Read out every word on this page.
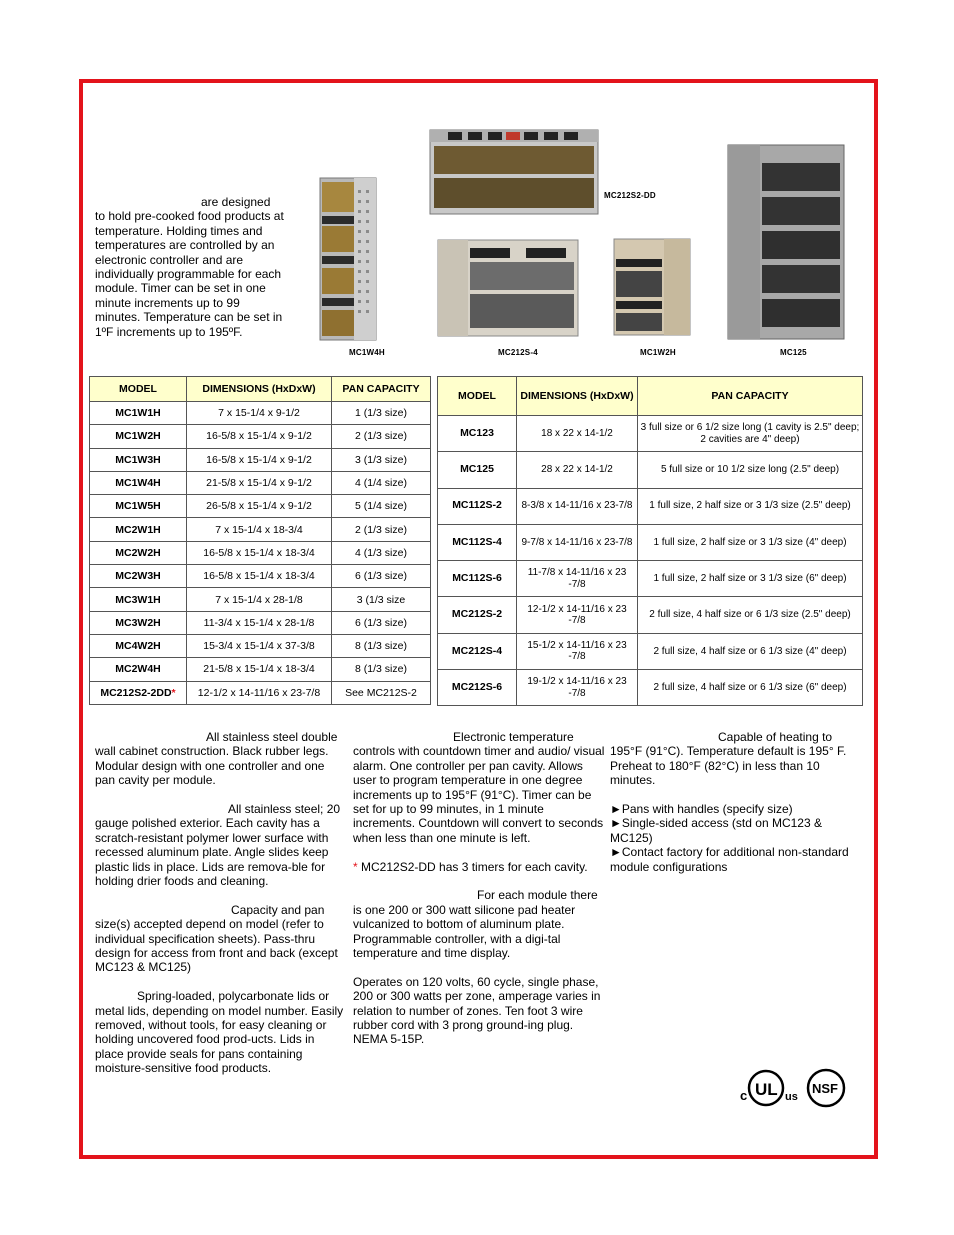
are designed
to hold pre-cooked food products at temperature. Holding times and temperatures are controlled by an electronic controller and are individually programmable for each module. Timer can be set in one minute increments up to 99 minutes. Temperature can be set in 1ºF increments up to 195ºF.
MC1W4H
MC212S2-DD
MC212S-4	MC1W2H	MC125
MODEL	DIMENSIONS (HxDxW)	PAN CAPACITY
MC1W1H	7 x 15-1/4 x 9-1/2	1 (1/3 size)
MC1W2H	16-5/8 x 15-1/4 x 9-1/2	2 (1/3 size)
MC1W3H	16-5/8 x 15-1/4 x 9-1/2	3 (1/3 size)
MC1W4H	21-5/8 x 15-1/4 x 9-1/2	4 (1/4 size)
MC1W5H	26-5/8 x 15-1/4 x 9-1/2	5 (1/4 size)
MC2W1H	7 x 15-1/4 x 18-3/4	2 (1/3 size)
MC2W2H	16-5/8 x 15-1/4 x 18-3/4	4 (1/3 size)
MC2W3H	16-5/8 x 15-1/4 x 18-3/4	6 (1/3 size)
MC3W1H	7 x 15-1/4 x 28-1/8	3 (1/3 size
MC3W2H	11-3/4 x 15-1/4 x 28-1/8	6 (1/3 size)
MC4W2H	15-3/4 x 15-1/4 x 37-3/8	8 (1/3 size)
MC2W4H	21-5/8 x 15-1/4 x 18-3/4	8 (1/3 size)
MC212S2-2DD*	12-1/2 x 14-11/16 x 23-7/8	See MC212S-2
MODEL	DIMENSIONS (HxDxW)	PAN CAPACITY
MC123	18 x 22 x 14-1/2	3 full size or 6 1/2 size long (1 cavity is 2.5" deep; 2 cavities are 4" deep)
MC125	28 x 22 x 14-1/2	5 full size or 10 1/2 size long (2.5" deep)
MC112S-2	8-3/8 x 14-11/16 x 23-7/8	1 full size, 2 half size or 3 1/3 size (2.5" deep)
MC112S-4	9-7/8 x 14-11/16 x 23-7/8	1 full size, 2 half size or 3 1/3 size (4" deep)
MC112S-6	11-7/8 x 14-11/16 x 23 -7/8	1 full size, 2 half size or 3 1/3 size (6" deep)
MC212S-2	12-1/2 x 14-11/16 x 23 -7/8	2 full size, 4 half size or 6 1/3 size (2.5" deep)
MC212S-4	15-1/2 x 14-11/16 x 23 -7/8	2 full size, 4 half size or 6 1/3 size (4" deep)
MC212S-6	19-1/2 x 14-11/16 x 23 -7/8	2 full size, 4 half size or 6 1/3 size (6" deep)

All stainless steel double wall cabinet construction. Black rubber legs. Modular design with one controller and one pan cavity per module.

All stainless steel; 20 gauge polished exterior. Each cavity has a scratch-resistant polymer lower surface with recessed aluminum plate. Angle slides keep plastic lids in place. Lids are remova-ble for holding drier foods and cleaning.

Capacity and pan size(s) accepted depend on model (refer to individual specification sheets). Pass-thru design for access from front and back (except MC123 & MC125)

Spring-loaded, polycarbonate lids or metal lids, depending on model number. Easily removed, without tools, for easy cleaning or holding uncovered food prod-ucts. Lids in place provide seals for pans containing moisture-sensitive food products.

Electronic temperature controls with countdown timer and audio/ visual alarm. One controller per pan cavity. Allows user to program temperature in one degree increments up to 195°F (91°C). Timer can be set for up to 99 minutes, in 1 minute increments. Countdown will convert to seconds when less than one minute is left.

* MC212S2-DD has 3 timers for each cavity.

For each module there is one 200 or 300 watt silicone pad heater vulcanized to bottom of aluminum plate. Programmable controller, with a digi-tal temperature and time display.

Operates on 120 volts, 60 cycle, single phase, 200 or 300 watts per zone, amperage varies in relation to number of zones. Ten foot 3 wire rubber cord with 3 prong ground-ing plug. NEMA 5-15P.

Capable of heating to 195°F (91°C). Temperature default is 195° F. Preheat to 180°F (82°C) in less than 10 minutes.

►Pans with handles (specify size)
►Single-sided access (std on MC123 & MC125)
►Contact factory for additional non-standard module configurations
c UL us
NSF
